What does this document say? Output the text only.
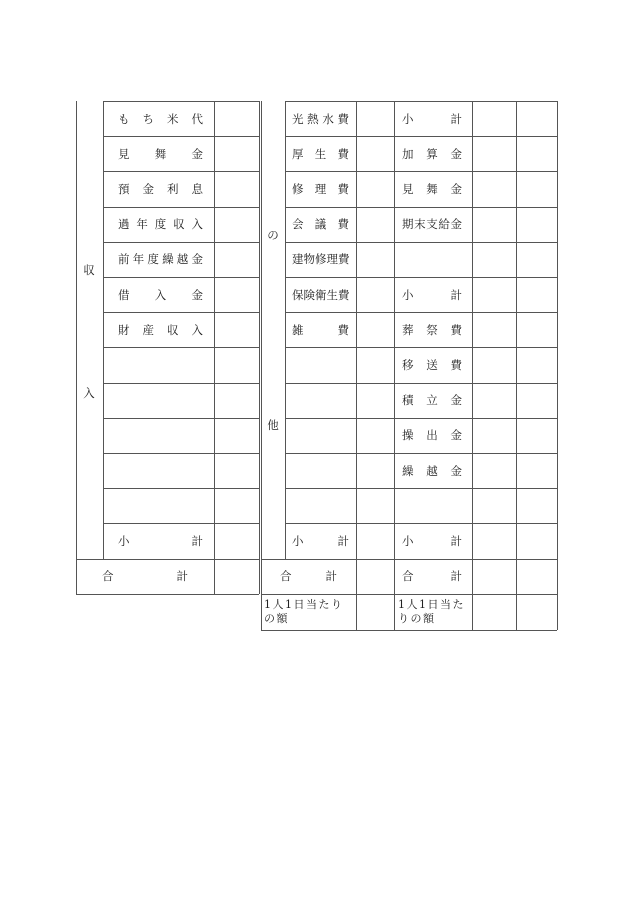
収
入
の
他
もち米代
見舞金
預金利息
過年度収入
前年度繰越金
借入金
財産収入
小計
光熱水費
厚生費
修理費
会議費
建物修理費
保険衛生費
雑費
小計
小計
加算金
見舞金
期末支給金
小計
葬祭費
移送費
積立金
操出金
繰越金
小計
合計	合計	合計
1人1日当たりの額
1人1日当たりの額
